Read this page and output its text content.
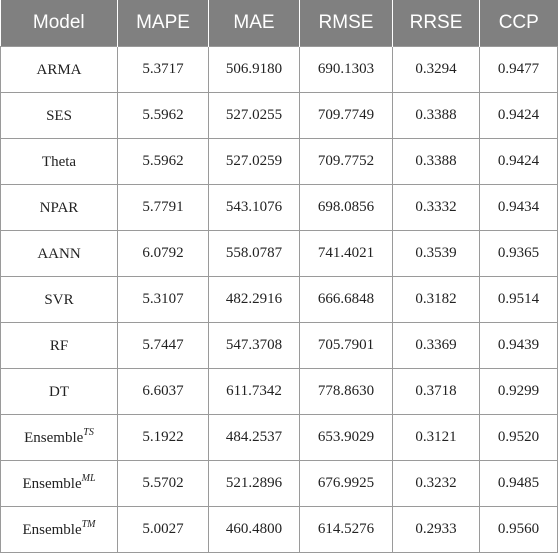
Model	MAPE	MAE	RMSE	RRSE	CCP
ARMA	5.3717	506.9180	690.1303	0.3294	0.9477
SES	5.5962	527.0255	709.7749	0.3388	0.9424
Theta	5.5962	527.0259	709.7752	0.3388	0.9424
NPAR	5.7791	543.1076	698.0856	0.3332	0.9434
AANN	6.0792	558.0787	741.4021	0.3539	0.9365
SVR	5.3107	482.2916	666.6848	0.3182	0.9514
RF	5.7447	547.3708	705.7901	0.3369	0.9439
DT	6.6037	611.7342	778.8630	0.3718	0.9299
Ensemble$^{TS}$	5.1922	484.2537	653.9029	0.3121	0.9520
Ensemble$^{ML}$	5.5702	521.2896	676.9925	0.3232	0.9485
Ensemble™	5.0027	460.4800	614.5276	0.2933	0.9560
